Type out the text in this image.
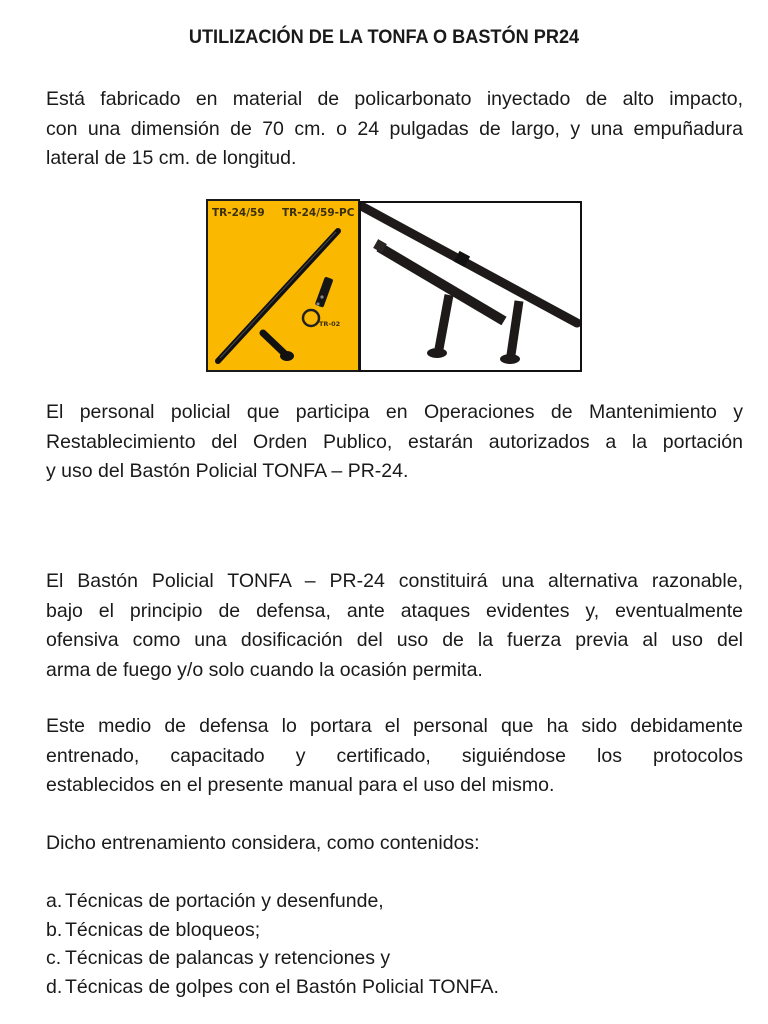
UTILIZACIÓN DE LA TONFA O BASTÓN PR24

Está fabricado en material de policarbonato inyectado de alto impacto,
con una dimensión de 70 cm. o 24 pulgadas de largo, y una empuñadura
lateral de 15 cm. de longitud.

TR-24/59 TR-24/59-PC
TR-02

El personal policial que participa en Operaciones de Mantenimiento y
Restablecimiento del Orden Publico, estarán autorizados a la portación
y uso del Bastón Policial TONFA – PR-24.

El Bastón Policial TONFA – PR-24 constituirá una alternativa razonable,
bajo el principio de defensa, ante ataques evidentes y, eventualmente
ofensiva como una dosificación del uso de la fuerza previa al uso del
arma de fuego y/o solo cuando la ocasión permita.

Este medio de defensa lo portara el personal que ha sido debidamente
entrenado, capacitado y certificado, siguiéndose los protocolos
establecidos en el presente manual para el uso del mismo.

Dicho entrenamiento considera, como contenidos:

a. Técnicas de portación y desenfunde,
b. Técnicas de bloqueos;
c. Técnicas de palancas y retenciones y
d. Técnicas de golpes con el Bastón Policial TONFA.
